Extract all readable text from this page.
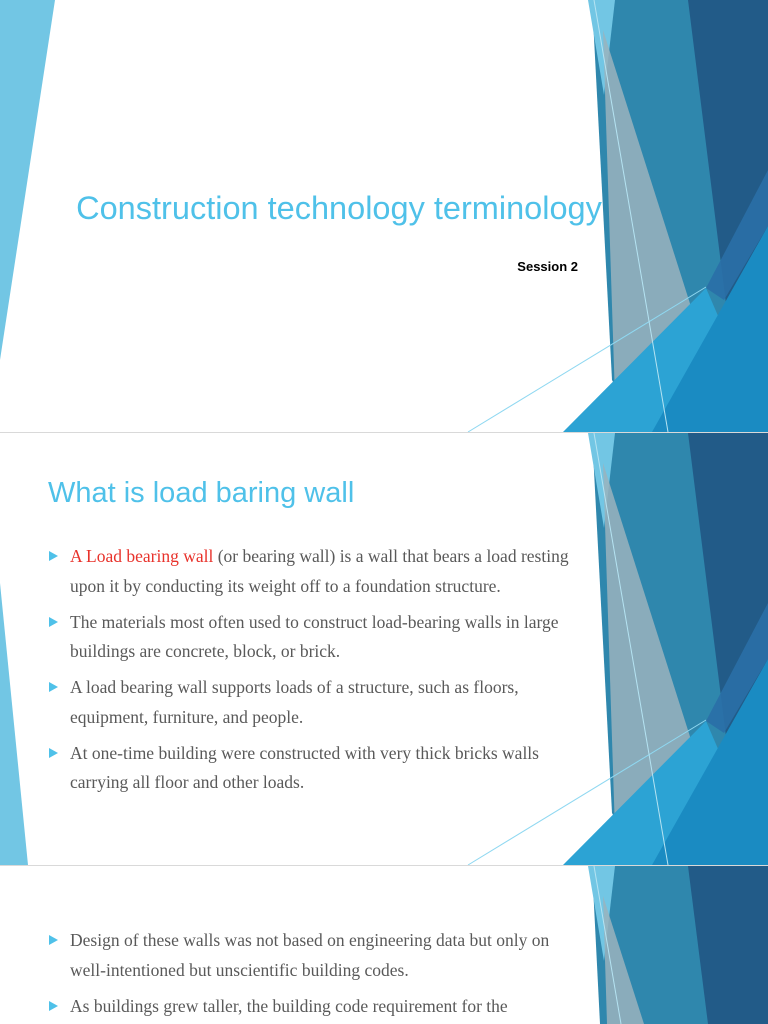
Construction technology terminology
Session 2
What is load baring wall
A Load bearing wall (or bearing wall) is a wall that bears a load resting
upon it by conducting its weight off to a foundation structure.
The materials most often used to construct load-bearing walls in large
buildings are concrete, block, or brick.
A load bearing wall supports loads of a structure, such as floors,
equipment, furniture, and people.
At one-time building were constructed with very thick bricks walls
carrying all floor and other loads.
Design of these walls was not based on engineering data but only on
well-intentioned but unscientific building codes.
As buildings grew taller, the building code requirement for the
